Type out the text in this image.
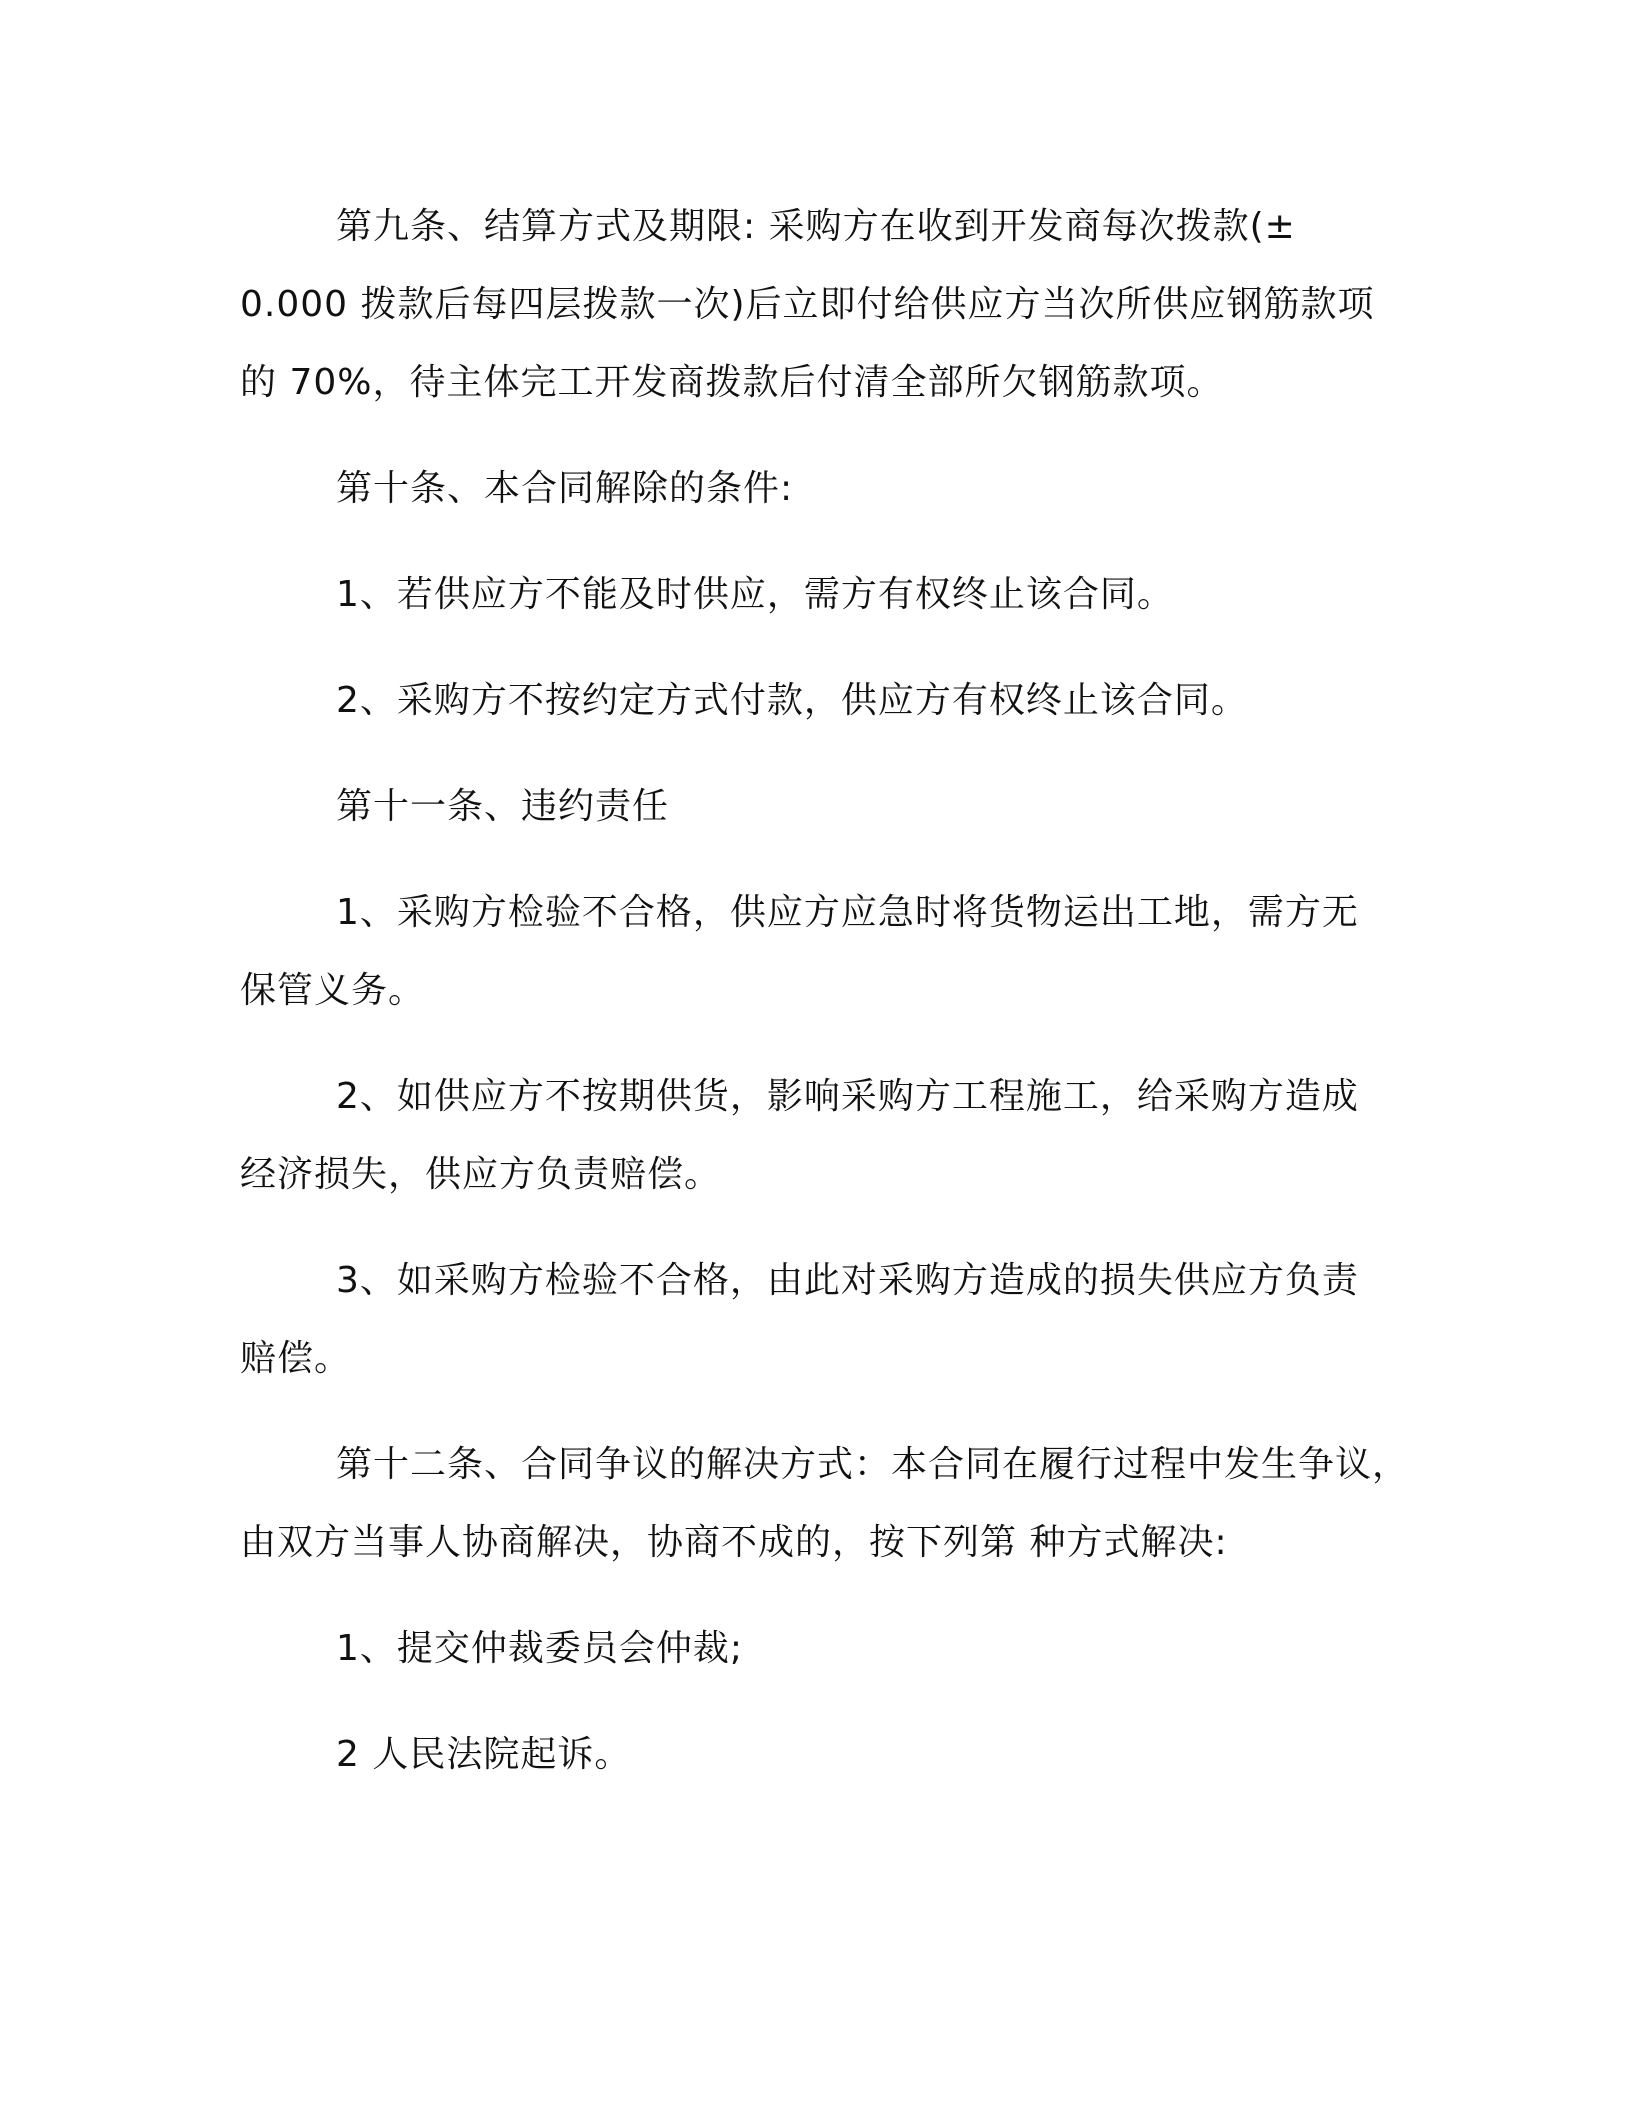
第九条、结算方式及期限: 采购方在收到开发商每次拨款(±
0.000 拨款后每四层拨款一次)后立即付给供应方当次所供应钢筋款项
的 70%，待主体完工开发商拨款后付清全部所欠钢筋款项。

第十条、本合同解除的条件:

1、若供应方不能及时供应，需方有权终止该合同。

2、采购方不按约定方式付款，供应方有权终止该合同。

第十一条、违约责任

1、采购方检验不合格，供应方应急时将货物运出工地，需方无
保管义务。

2、如供应方不按期供货，影响采购方工程施工，给采购方造成
经济损失，供应方负责赔偿。

3、如采购方检验不合格，由此对采购方造成的损失供应方负责
赔偿。

第十二条、合同争议的解决方式：本合同在履行过程中发生争议，
由双方当事人协商解决，协商不成的，按下列第 种方式解决:

1、提交仲裁委员会仲裁;

2 人民法院起诉。
